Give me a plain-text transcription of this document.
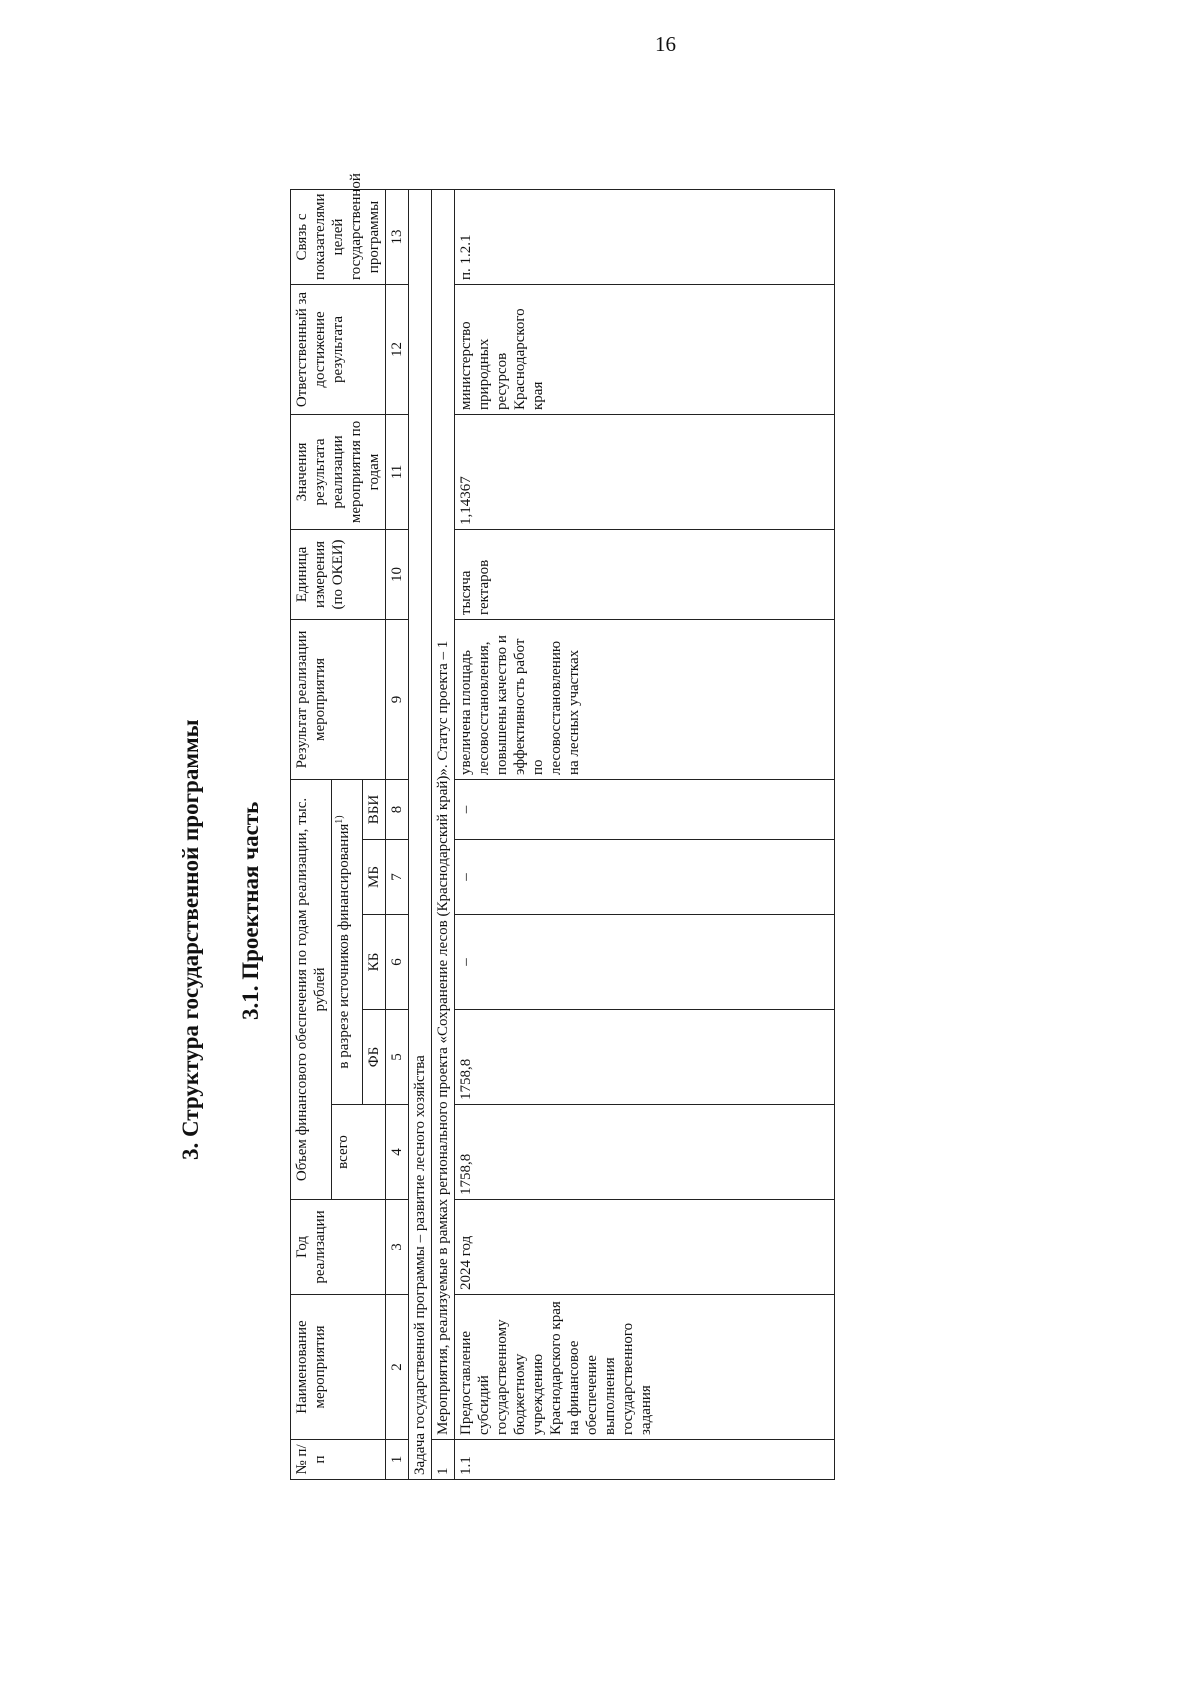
16
3. Структура государственной программы 3.1. Проектная часть
№ п/п	Наименование мероприятия	Год реализации	Объем финансового обеспечения по годам реализации, тыс. рублей					Результат реализации мероприятия	Единица измерения (по ОКЕИ)	Значения результата реализации мероприятия по годам	Ответственный за достижение результата	Связь с показателями целей государственной программы
			всего	в разрезе источников финансирования$^{1)}$
				ФБ	КБ	МБ	ВБИ					
1	2	3	4	5	6	7	8	9	10	11	12	13
Задача государственной программы – развитие лесного хозяйства												
1	Мероприятия, реализуемые в рамках регионального проекта «Сохранение лесов (Краснодарский край)». Статус проекта – 1											
1.1	Предоставление субсидий государственному бюджетному учреждению Краснодарского края на финансовое обеспечение выполнения государственного задания	2024 год	1758,8	1758,8	–	–	–	увеличена площадь лесовосстановления, повышены качество и эффективность работ по лесовосстановлению на лесных участках	тысяча гектаров	1,14367	министерство природных ресурсов Краснодарского края	п. 1.2.1
